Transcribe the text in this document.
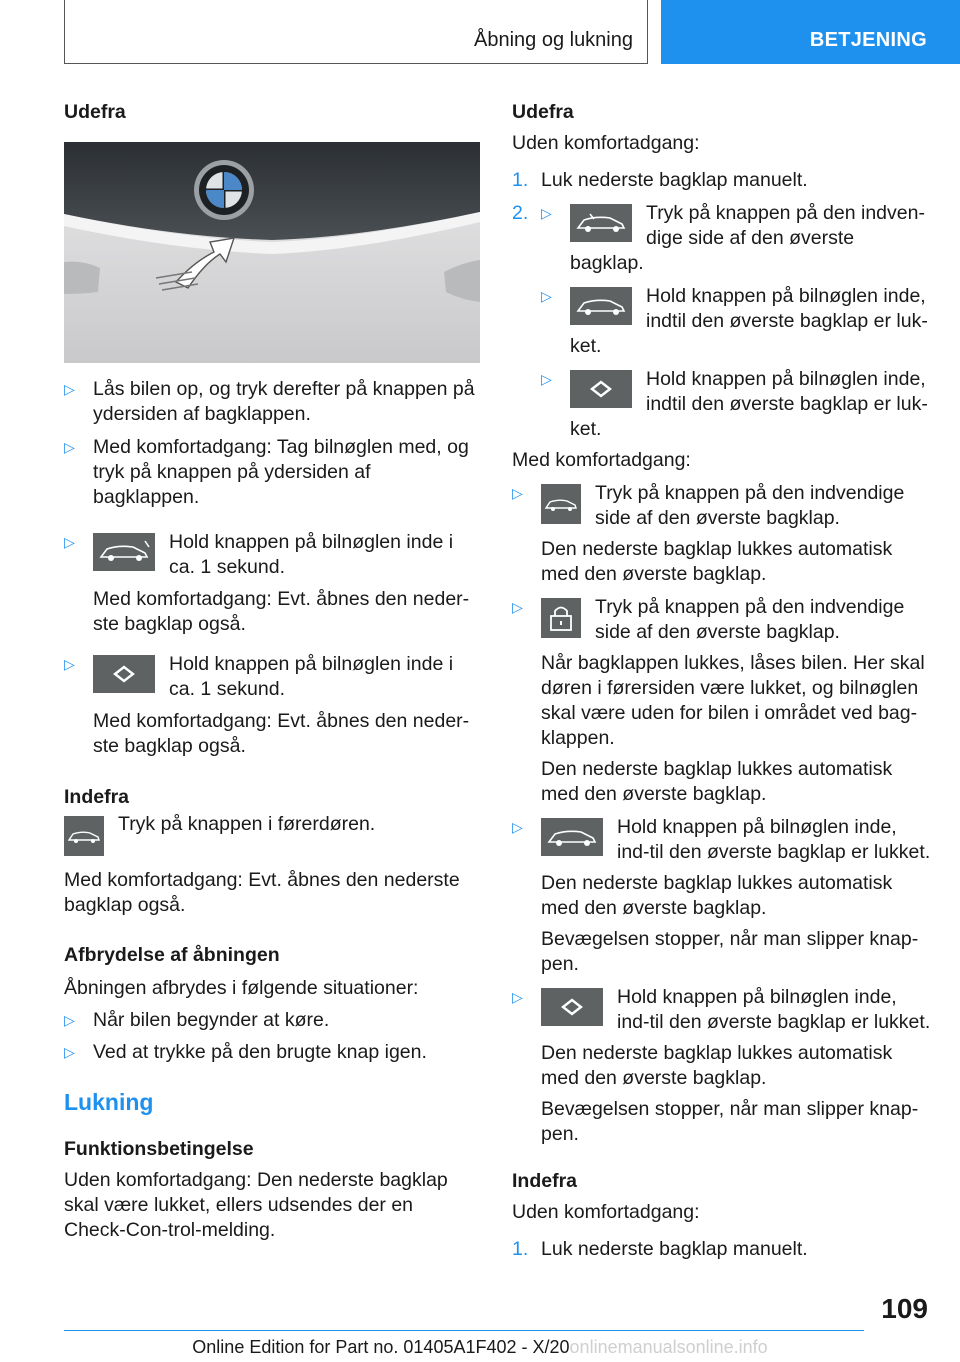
Åbning og lukning	BETJENING

Udefra

▷ Lås bilen op, og tryk derefter på knappen på ydersiden af bagklappen.
▷ Med komfortadgang: Tag bilnøglen med, og tryk på knappen på ydersiden af bagklappen.
▷	Hold knappen på bilnøglen inde i ca. 1 sekund.

Med komfortadgang: Evt. åbnes den neder-ste bagklap også.

▷	Hold knappen på bilnøglen inde i ca. 1 sekund.

Med komfortadgang: Evt. åbnes den neder-ste bagklap også.

Indefra

Tryk på knappen i førerdøren.

Med komfortadgang: Evt. åbnes den nederste bagklap også.

Afbrydelse af åbningen

Åbningen afbrydes i følgende situationer:

▷ Når bilen begynder at køre.
▷ Ved at trykke på den brugte knap igen.

Lukning

Funktionsbetingelse

Uden komfortadgang: Den nederste bagklap skal være lukket, ellers udsendes der en Check-Con-trol-melding.

Udefra

Uden komfortadgang:

1. Luk nederste bagklap manuelt.
2. ▷	Tryk på knappen på den indven-dige side af den øverste bagklap.
▷	Hold knappen på bilnøglen inde, indtil den øverste bagklap er luk-ket.
▷	Hold knappen på bilnøglen inde, indtil den øverste bagklap er luk-ket.

Med komfortadgang:

▷	Tryk på knappen på den indvendige side af den øverste bagklap.

Den nederste bagklap lukkes automatisk med den øverste bagklap.

▷	Tryk på knappen på den indvendige side af den øverste bagklap.

Når bagklappen lukkes, låses bilen. Her skal døren i førersiden være lukket, og bilnøglen skal være uden for bilen i området ved bag-klappen.

Den nederste bagklap lukkes automatisk med den øverste bagklap.

▷	Hold knappen på bilnøglen inde, ind-til den øverste bagklap er lukket.

Den nederste bagklap lukkes automatisk med den øverste bagklap.

Bevægelsen stopper, når man slipper knap-pen.

▷	Hold knappen på bilnøglen inde, ind-til den øverste bagklap er lukket.

Den nederste bagklap lukkes automatisk med den øverste bagklap.

Bevægelsen stopper, når man slipper knap-pen.

Indefra

Uden komfortadgang:

1. Luk nederste bagklap manuelt.
109
Online Edition for Part no. 01405A1F402 - X/20onlinemanualsonline.info
